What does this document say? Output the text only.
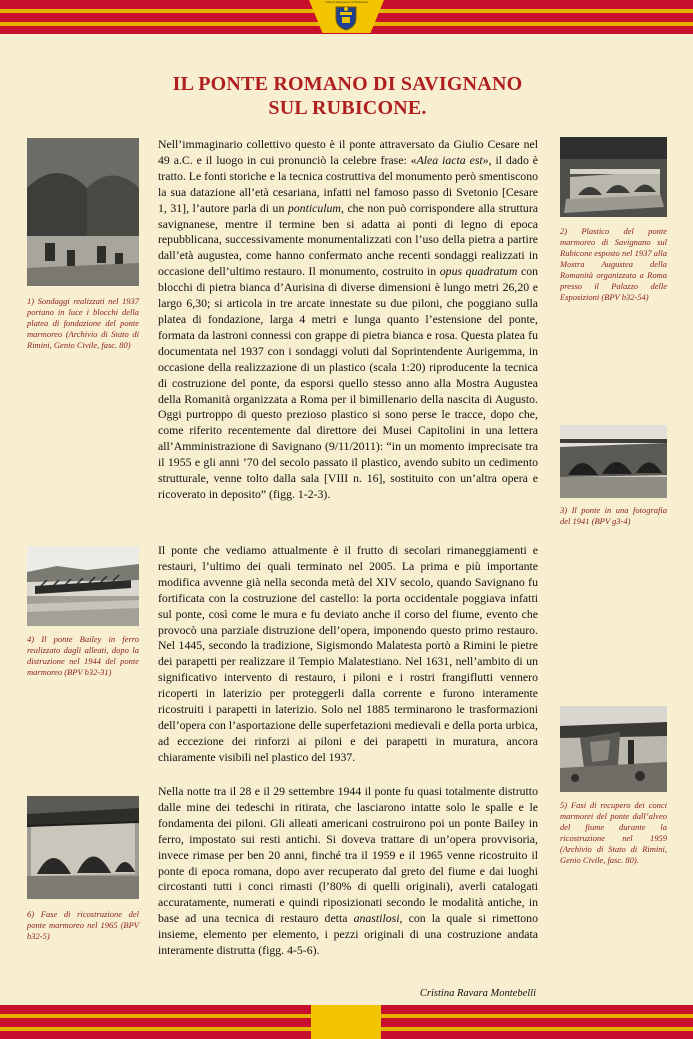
Città di Savignano sul Rubicone
IL PONTE ROMANO DI SAVIGNANO
SUL RUBICONE.
1) Sondaggi realizzati nel 1937 portano in luce i blocchi della platea di fondazione del ponte marmoreo (Archivio di Stato di Rimini, Genio Civile, fasc. 80)
2) Plastico del ponte marmoreo di Savignano sul Rubicone esposto nel 1937 alla Mostra Augustea della Romanità organizzata a Roma presso il Palazzo delle Esposizioni (BPV b32-54)
3) Il ponte in una fotografia del 1941 (BPV g3-4)
4) Il ponte Bailey in ferro realizzato dagli alleati, dopo la distruzione nel 1944 del ponte marmoreo (BPV b32-31)
5) Fasi di recupero dei conci marmorei del ponte dall’alveo del fiume durante la ricostruzione nel 1959 (Archivio di Stato di Rimini, Genio Civile, fasc. 80).
6) Fase di ricostruzione del ponte marmoreo nel 1965 (BPV b32-5)
Nell’immaginario collettivo questo è il ponte attraversato da Giulio Cesare nel 49 a.C. e il luogo in cui pronunciò la celebre frase: «Alea iacta est», il dado è tratto. Le fonti storiche e la tecnica costruttiva del monumento però smentiscono la sua datazione all’età cesariana, infatti nel famoso passo di Svetonio [Cesare 1, 31], l’autore parla di un ponticulum, che non può corrispondere alla struttura savignanese, mentre il termine ben si adatta ai ponti di legno di epoca repubblicana, successivamente monumentalizzati con l’uso della pietra a partire dall’età augustea, come hanno confermato anche recenti sondaggi realizzati in occasione dell’ultimo restauro. Il monumento, costruito in opus quadratum con blocchi di pietra bianca d’Aurisina di diverse dimensioni è lungo metri 26,20 e largo 6,30; si articola in tre arcate innestate su due piloni, che poggiano sulla platea di fondazione, larga 4 metri e lunga quanto l’estensione del ponte, formata da lastroni connessi con grappe di pietra bianca e rosa. Questa platea fu documentata nel 1937 con i sondaggi voluti dal Soprintendente Aurigemma, in occasione della realizzazione di un plastico (scala 1:20) riproducente la tecnica di costruzione del ponte, da esporsi quello stesso anno alla Mostra Augustea della Romanità organizzata a Roma per il bimillenario della nascita di Augusto. Oggi purtroppo di questo prezioso plastico si sono perse le tracce, dopo che, come riferito recentemente dal direttore dei Musei Capitolini in una lettera all’Amministrazione di Savignano (9/11/2011): “in un momento imprecisate tra il 1955 e gli anni ’70 del secolo passato il plastico, avendo subito un cedimento strutturale, venne tolto dalla sala [VIII n. 16], sostituito con un’altra opera e ricoverato in deposito” (figg. 1-2-3).
Il ponte che vediamo attualmente è il frutto di secolari rimaneggiamenti e restauri, l’ultimo dei quali terminato nel 2005. La prima e più importante modifica avvenne già nella seconda metà del XIV secolo, quando Savignano fu fortificata con la costruzione del castello: la porta occidentale poggiava infatti sul ponte, così come le mura e fu deviato anche il corso del fiume, evento che provocò una parziale distruzione dell’opera, imponendo questo primo restauro. Nel 1445, secondo la tradizione, Sigismondo Malatesta portò a Rimini le pietre dei parapetti per realizzare il Tempio Malatestiano. Nel 1631, nell’ambito di un significativo intervento di restauro, i piloni e i rostri frangiflutti vennero ricoperti in laterizio per proteggerli dalla corrente e furono interamente ricostruiti i parapetti in laterizio. Solo nel 1885 terminarono le trasformazioni dell’opera con l’asportazione delle superfetazioni medievali e della porta urbica, ad eccezione dei rinforzi ai piloni e dei parapetti in muratura, ancora chiaramente visibili nel plastico del 1937.
Nella notte tra il 28 e il 29 settembre 1944 il ponte fu quasi totalmente distrutto dalle mine dei tedeschi in ritirata, che lasciarono intatte solo le spalle e le fondamenta dei piloni. Gli alleati americani costruirono poi un ponte Bailey in ferro, impostato sui resti antichi. Si doveva trattare di un’opera provvisoria, invece rimase per ben 20 anni, finché tra il 1959 e il 1965 venne ricostruito il ponte di epoca romana, dopo aver recuperato dal greto del fiume e dai luoghi circostanti tutti i conci rimasti (l’80% di quelli originali), averli catalogati accuratamente, numerati e quindi riposizionati secondo le modalità antiche, in base ad una tecnica di restauro detta anastilosi, con la quale si rimettono insieme, elemento per elemento, i pezzi originali di una costruzione andata interamente distrutta (figg. 4-5-6).
Cristina Ravara Montebelli
